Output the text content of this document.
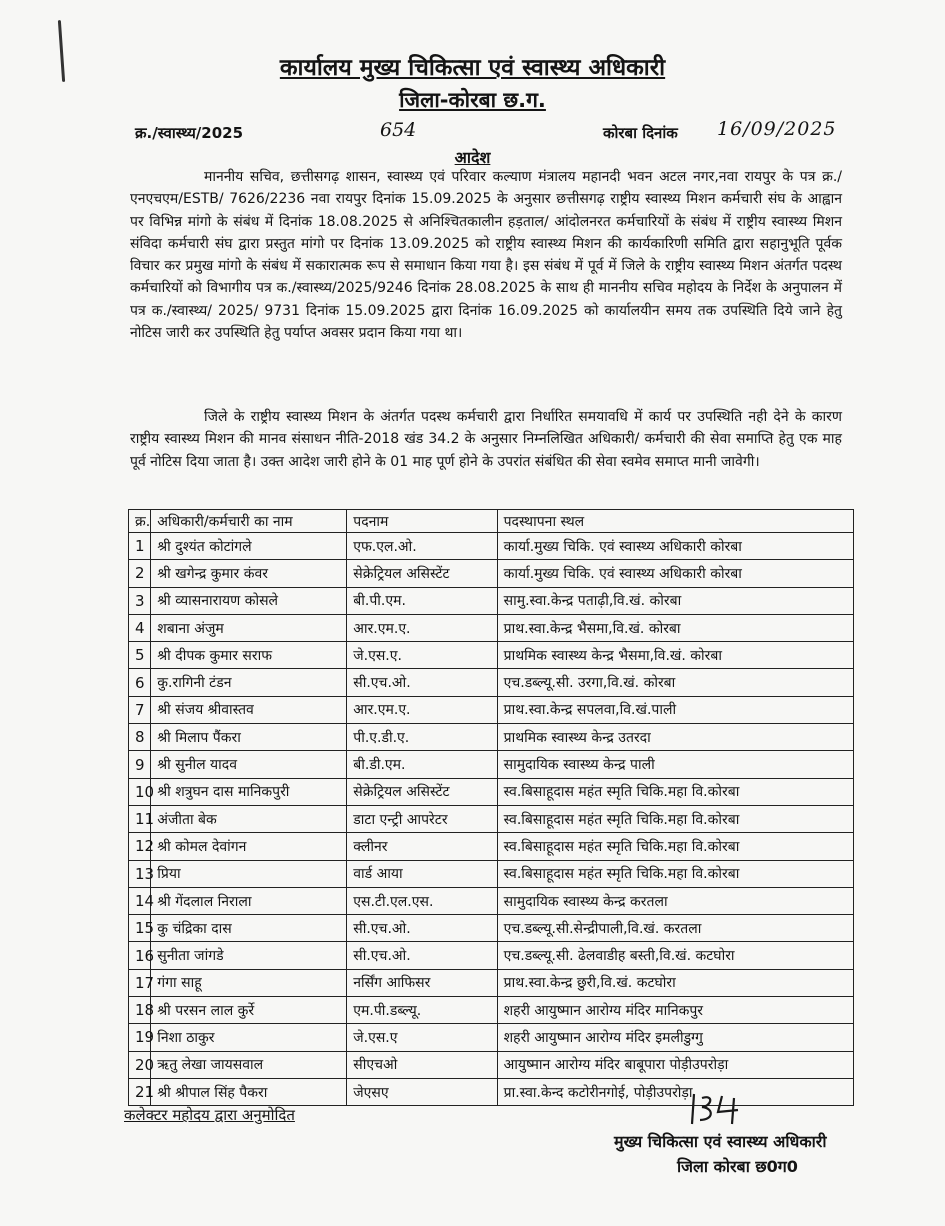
कार्यालय मुख्य चिकित्सा एवं स्वास्थ्य अधिकारी
जिला-कोरबा छ.ग.
क्र./स्वास्थ्य/2025	654	कोरबा दिनांक 16/09/2025
आदेश
माननीय सचिव, छत्तीसगढ़ शासन, स्वास्थ्य एवं परिवार कल्याण मंत्रालय महानदी भवन अटल नगर,नवा रायपुर के पत्र क्र./एनएचएम/ESTB/ 7626/2236 नवा रायपुर दिनांक 15.09.2025 के अनुसार छत्तीसगढ़ राष्ट्रीय स्वास्थ्य मिशन कर्मचारी संघ के आह्वान पर विभिन्न मांगो के संबंध में दिनांक 18.08.2025 से अनिश्चितकालीन हड़ताल/ आंदोलनरत कर्मचारियों के संबंध में राष्ट्रीय स्वास्थ्य मिशन संविदा कर्मचारी संघ द्वारा प्रस्तुत मांगो पर दिनांक 13.09.2025 को राष्ट्रीय स्वास्थ्य मिशन की कार्यकारिणी समिति द्वारा सहानुभूति पूर्वक विचार कर प्रमुख मांगो के संबंध में सकारात्मक रूप से समाधान किया गया है। इस संबंध में पूर्व में जिले के राष्ट्रीय स्वास्थ्य मिशन अंतर्गत पदस्थ कर्मचारियों को विभागीय पत्र क./स्वास्थ्य/2025/9246 दिनांक 28.08.2025 के साथ ही माननीय सचिव महोदय के निर्देश के अनुपालन में पत्र क./स्वास्थ्य/ 2025/ 9731 दिनांक 15.09.2025 द्वारा दिनांक 16.09.2025 को कार्यालयीन समय तक उपस्थिति दिये जाने हेतु नोटिस जारी कर उपस्थिति हेतु पर्याप्त अवसर प्रदान किया गया था।
जिले के राष्ट्रीय स्वास्थ्य मिशन के अंतर्गत पदस्थ कर्मचारी द्वारा निर्धारित समयावधि में कार्य पर उपस्थिति नही देने के कारण राष्ट्रीय स्वास्थ्य मिशन की मानव संसाधन नीति-2018 खंड 34.2 के अनुसार निम्नलिखित अधिकारी/ कर्मचारी की सेवा समाप्ति हेतु एक माह पूर्व नोटिस दिया जाता है। उक्त आदेश जारी होने के 01 माह पूर्ण होने के उपरांत संबंधित की सेवा स्वमेव समाप्त मानी जावेगी।
क्र.	अधिकारी/कर्मचारी का नाम	पदनाम	पदस्थापना स्थल
1	श्री दुश्यंत कोटांगले	एफ.एल.ओ.	कार्या.मुख्य चिकि. एवं स्वास्थ्य अधिकारी कोरबा
2	श्री खगेन्द्र कुमार कंवर	सेक्रेट्रियल असिस्टेंट	कार्या.मुख्य चिकि. एवं स्वास्थ्य अधिकारी कोरबा
3	श्री व्यासनारायण कोसले	बी.पी.एम.	सामु.स्वा.केन्द्र पताढ़ी,वि.खं. कोरबा
4	शबाना अंजुम	आर.एम.ए.	प्राथ.स्वा.केन्द्र भैसमा,वि.खं. कोरबा
5	श्री दीपक कुमार सराफ	जे.एस.ए.	प्राथमिक स्वास्थ्य केन्द्र भैसमा,वि.खं. कोरबा
6	कु.रागिनी टंडन	सी.एच.ओ.	एच.डब्ल्यू.सी. उरगा,वि.खं. कोरबा
7	श्री संजय श्रीवास्तव	आर.एम.ए.	प्राथ.स्वा.केन्द्र सपलवा,वि.खं.पाली
8	श्री मिलाप पैंकरा	पी.ए.डी.ए.	प्राथमिक स्वास्थ्य केन्द्र उतरदा
9	श्री सुनील यादव	बी.डी.एम.	सामुदायिक स्वास्थ्य केन्द्र पाली
10	श्री शत्रुघन दास मानिकपुरी	सेक्रेट्रियल असिस्टेंट	स्व.बिसाहूदास महंत स्मृति चिकि.महा वि.कोरबा
11	अंजीता बेक	डाटा एन्ट्री आपरेटर	स्व.बिसाहूदास महंत स्मृति चिकि.महा वि.कोरबा
12	श्री कोमल देवांगन	क्लीनर	स्व.बिसाहूदास महंत स्मृति चिकि.महा वि.कोरबा
13	प्रिया	वार्ड आया	स्व.बिसाहूदास महंत स्मृति चिकि.महा वि.कोरबा
14	श्री गेंदलाल निराला	एस.टी.एल.एस.	सामुदायिक स्वास्थ्य केन्द्र करतला
15	कु चंद्रिका दास	सी.एच.ओ.	एच.डब्ल्यू.सी.सेन्द्रीपाली,वि.खं. करतला
16	सुनीता जांगडे	सी.एच.ओ.	एच.डब्ल्यू.सी. ढेलवाडीह बस्ती,वि.खं. कटघोरा
17	गंगा साहू	नर्सिंग आफिसर	प्राथ.स्वा.केन्द्र छुरी,वि.खं. कटघोरा
18	श्री परसन लाल कुर्रे	एम.पी.डब्ल्यू.	शहरी आयुष्मान आरोग्य मंदिर मानिकपुर
19	निशा ठाकुर	जे.एस.ए	शहरी आयुष्मान आरोग्य मंदिर इमलीडुग्गु
20	ऋतु लेखा जायसवाल	सीएचओ	आयुष्मान आरोग्य मंदिर बाबूपारा पोड़ीउपरोड़ा
21	श्री श्रीपाल सिंह पैकरा	जेएसए	प्रा.स्वा.केन्द कटोरीनगोई, पोड़ीउपरोड़ा
कलेक्टर महोदय द्वारा अनुमोदित
मुख्य चिकित्सा एवं स्वास्थ्य अधिकारी
जिला कोरबा छ0ग0
